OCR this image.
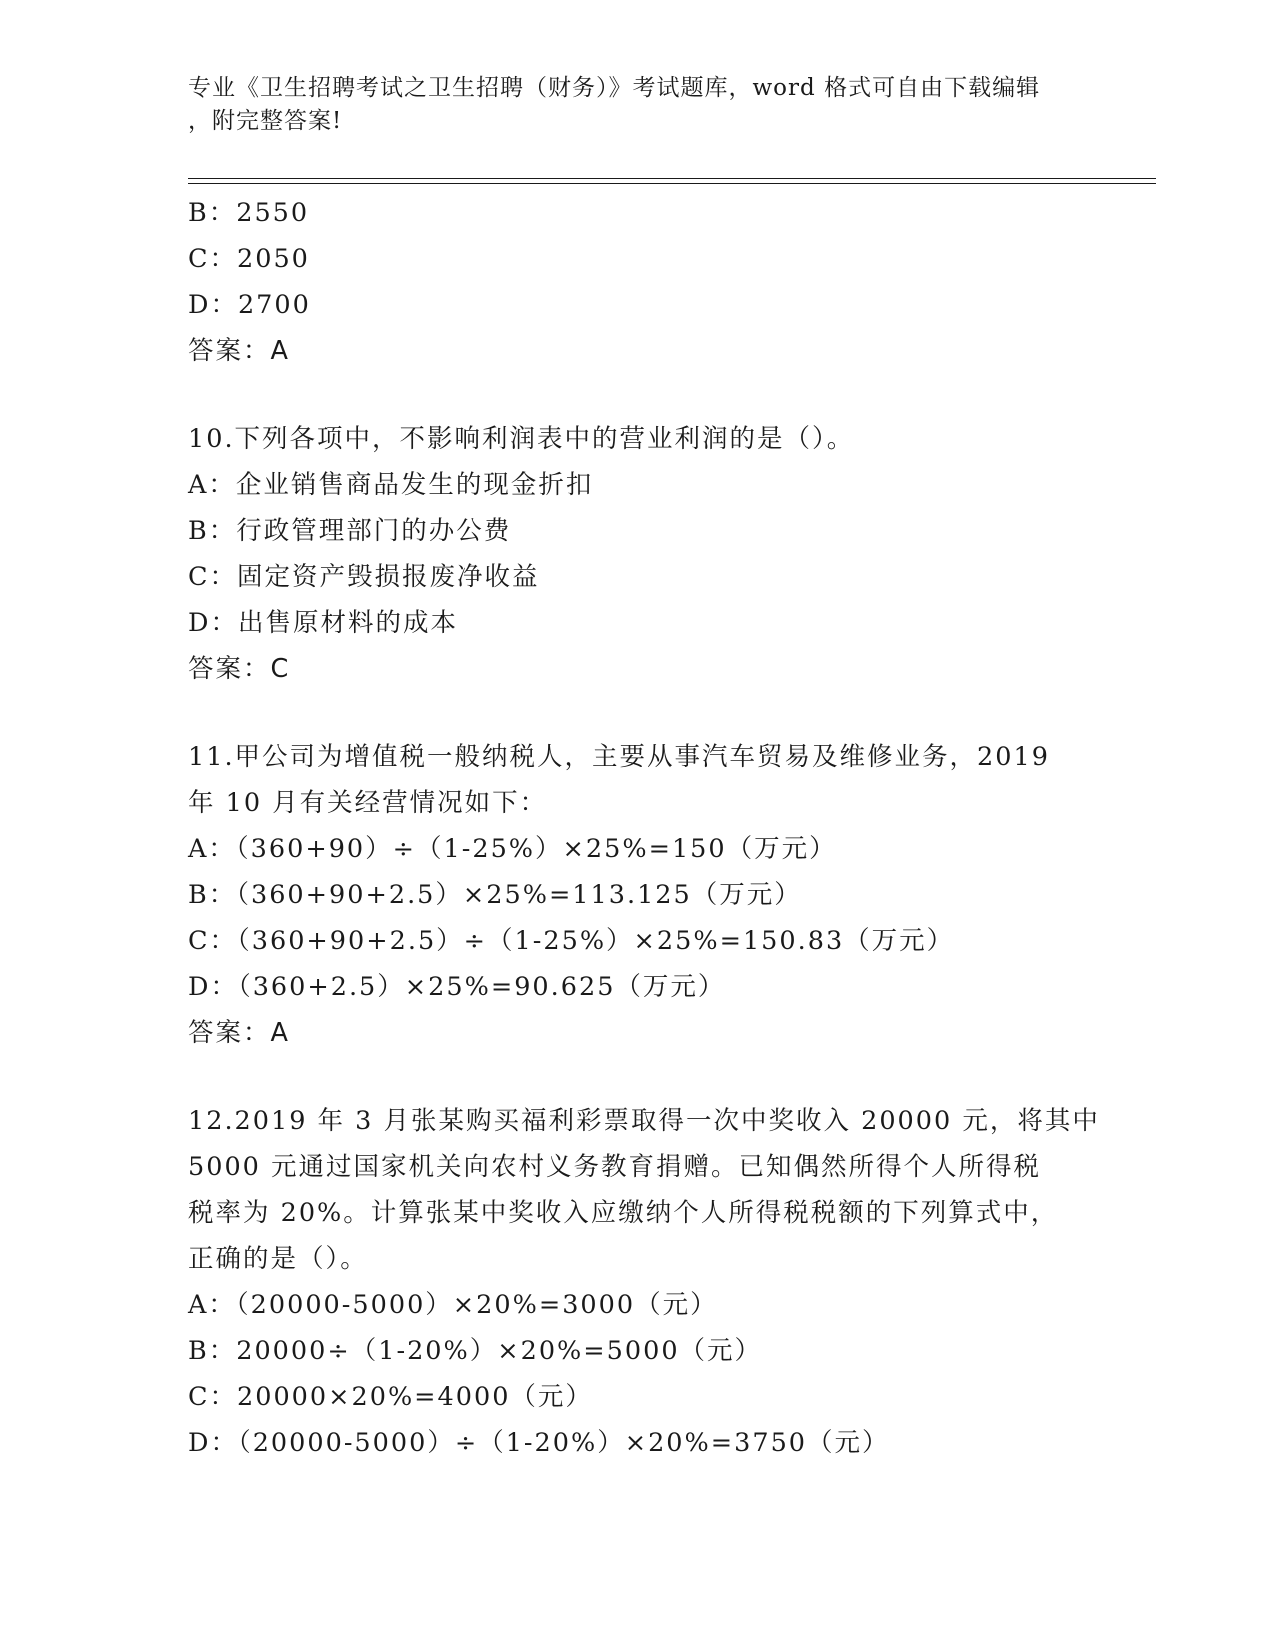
专业《卫生招聘考试之卫生招聘（财务）》考试题库，word 格式可自由下载编辑
，附完整答案!
B：2550
C：2050
D：2700
答案：A
10.下列各项中，不影响利润表中的营业利润的是（）。
A：企业销售商品发生的现金折扣
B：行政管理部门的办公费
C：固定资产毁损报废净收益
D：出售原材料的成本
答案：C
11.甲公司为增值税一般纳税人，主要从事汽车贸易及维修业务，2019
年 10 月有关经营情况如下：
A：（360+90）÷（1-25%）×25%=150（万元）
B：（360+90+2.5）×25%=113.125（万元）
C：（360+90+2.5）÷（1-25%）×25%=150.83（万元）
D：（360+2.5）×25%=90.625（万元）
答案：A
12.2019 年 3 月张某购买福利彩票取得一次中奖收入 20000 元，将其中
5000 元通过国家机关向农村义务教育捐赠。已知偶然所得个人所得税
税率为 20%。计算张某中奖收入应缴纳个人所得税税额的下列算式中，
正确的是（）。
A：（20000-5000）×20%=3000（元）
B：20000÷（1-20%）×20%=5000（元）
C：20000×20%=4000（元）
D：（20000-5000）÷（1-20%）×20%=3750（元）
